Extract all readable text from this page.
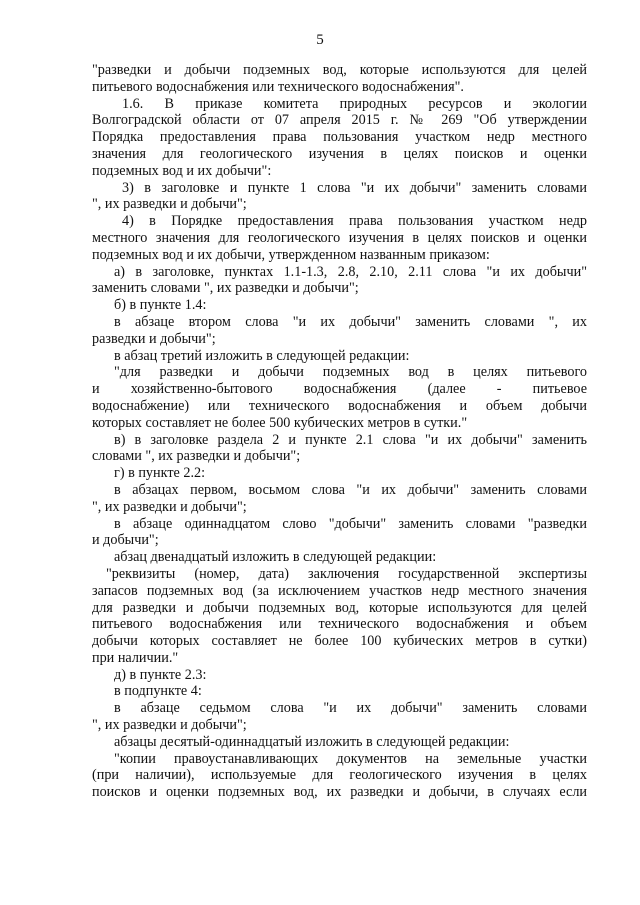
5
"разведки и добычи подземных вод, которые используются для целей
питьевого водоснабжения или технического водоснабжения".
1.6. В приказе комитета природных ресурсов и экологии
Волгоградской области от 07 апреля 2015 г. № 269 "Об утверждении
Порядка предоставления права пользования участком недр местного
значения для геологического изучения в целях поисков и оценки
подземных вод и их добычи":
3) в заголовке и пункте 1 слова "и их добычи" заменить словами
", их разведки и добычи";
4) в Порядке предоставления права пользования участком недр
местного значения для геологического изучения в целях поисков и оценки
подземных вод и их добычи, утвержденном названным приказом:
а) в заголовке, пунктах 1.1-1.3, 2.8, 2.10, 2.11 слова "и их добычи"
заменить словами ", их разведки и добычи";
б) в пункте 1.4:
в абзаце втором слова "и их добычи" заменить словами ", их
разведки и добычи";
в абзац третий изложить в следующей редакции:
"для разведки и добычи подземных вод в целях питьевого
и хозяйственно-бытового водоснабжения (далее - питьевое
водоснабжение) или технического водоснабжения и объем добычи
которых составляет не более 500 кубических метров в сутки."
в) в заголовке раздела 2 и пункте 2.1 слова "и их добычи" заменить
словами ", их разведки и добычи";
г) в пункте 2.2:
в абзацах первом, восьмом слова "и их добычи" заменить словами
", их разведки и добычи";
в абзаце одиннадцатом слово "добычи" заменить словами "разведки
и добычи";
абзац двенадцатый изложить в следующей редакции:
"реквизиты (номер, дата) заключения государственной экспертизы
запасов подземных вод (за исключением участков недр местного значения
для разведки и добычи подземных вод, которые используются для целей
питьевого водоснабжения или технического водоснабжения и объем
добычи которых составляет не более 100 кубических метров в сутки)
при наличии."
д) в пункте 2.3:
в подпункте 4:
в абзаце седьмом слова "и их добычи" заменить словами
", их разведки и добычи";
абзацы десятый-одиннадцатый изложить в следующей редакции:
"копии правоустанавливающих документов на земельные участки
(при наличии), используемые для геологического изучения в целях
поисков и оценки подземных вод, их разведки и добычи, в случаях если
